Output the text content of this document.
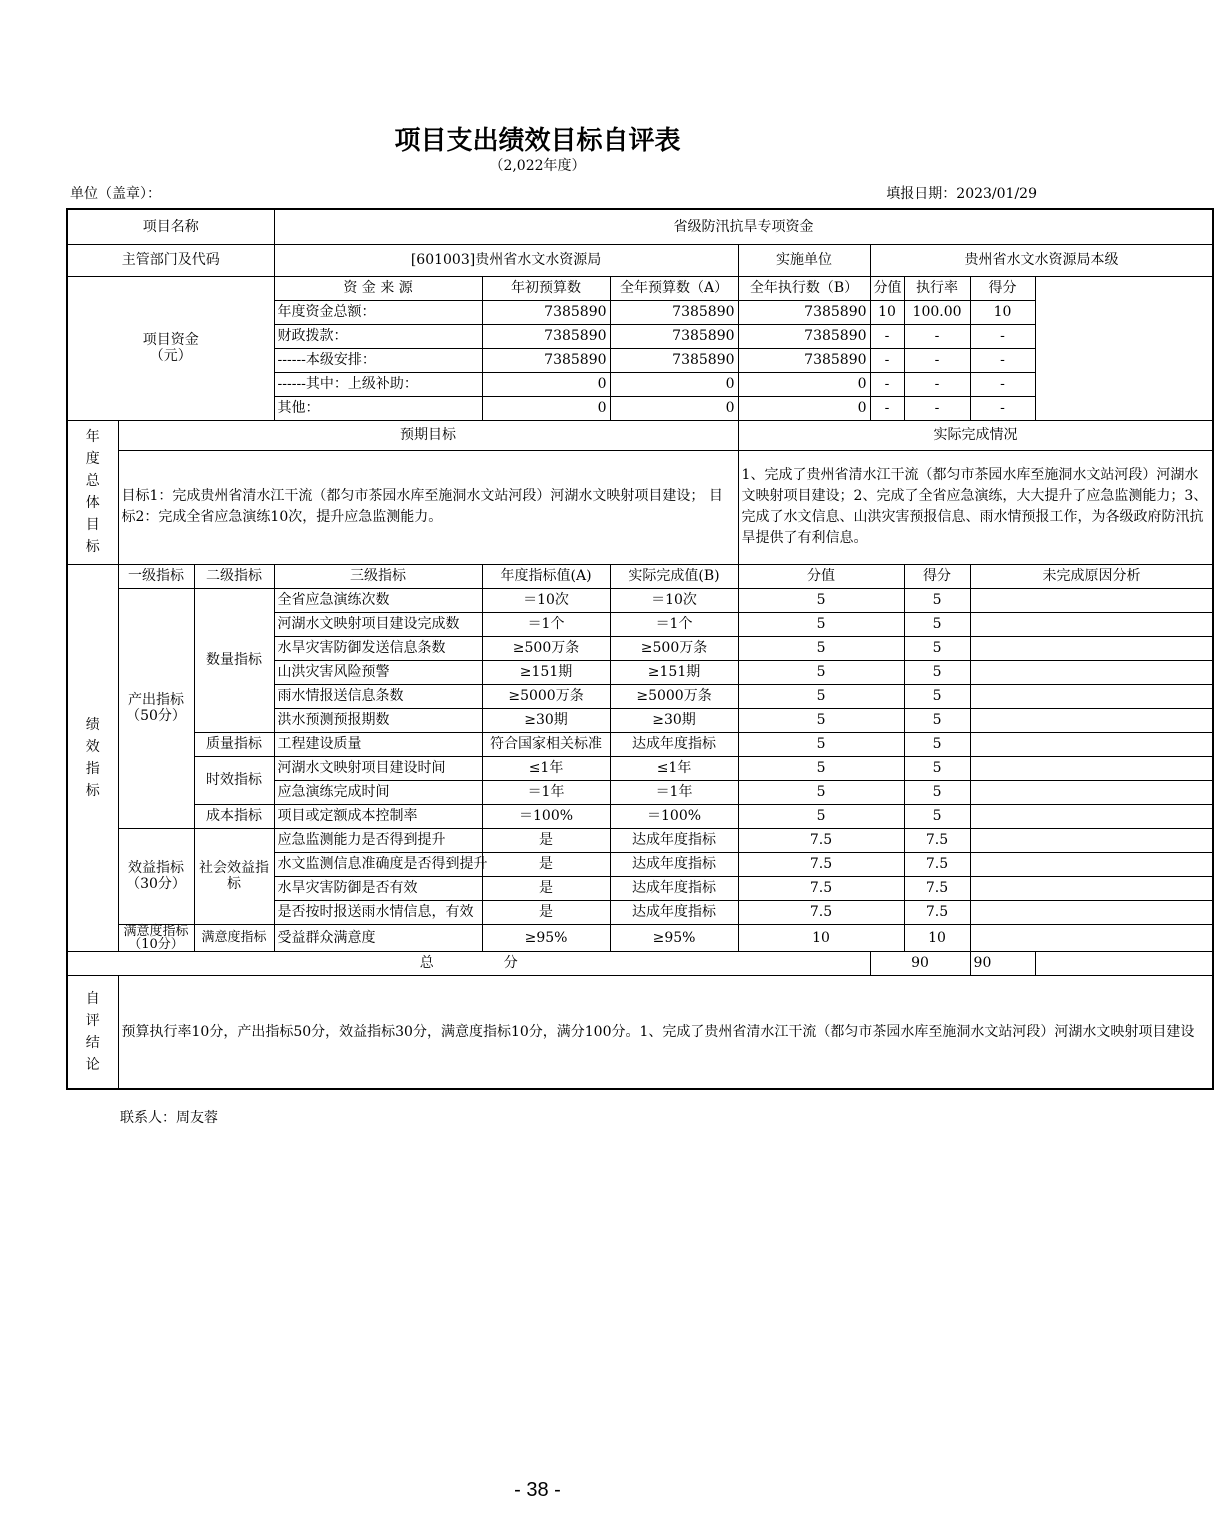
项目支出绩效目标自评表
（2,022年度）
单位（盖章）：	填报日期：2023/01/29
项目名称			省级防汛抗旱专项资金							
主管部门及代码			[601003]贵州省水文水资源局			实施单位	贵州省水文水资源局本级			

项目资金
（元）			资 金 来 源	年初预算数	全年预算数（A）	全年执行数（B）	分值	执行率	得分	
			年度资金总额：	7385890	7385890	7385890	10	100.00	10	
			财政拨款：	7385890	7385890	7385890	-	-	-	
			------本级安排：	7385890	7385890	7385890	-	-	-	
			------其中：上级补助：	0	0	0	-	-	-	
			其他：	0	0	0	-	-	-	

年度总体目标	预期目标					实际完成情况				
	目标1：完成贵州省清水江干流（都匀市茶园水库至施洞水文站河段）河湖水文映射项目建设； 目标2：完成全省应急演练10次，提升应急监测能力。					1、完成了贵州省清水江干流（都匀市茶园水库至施洞水文站河段）河湖水文映射项目建设；2、完成了全省应急演练，大大提升了应急监测能力；3、完成了水文信息、山洪灾害预报信息、雨水情预报工作，为各级政府防汛抗旱提供了有利信息。				

绩效指标	一级指标	二级指标	三级指标	年度指标值(A)	实际完成值(B)	分值		得分	未完成原因分析	
	产出指标（50分）	数量指标	全省应急演练次数	＝10次	＝10次	5		5		
			河湖水文映射项目建设完成数	＝1个	＝1个	5		5		
			水旱灾害防御发送信息条数	≥500万条	≥500万条	5		5		
			山洪灾害风险预警	≥151期	≥151期	5		5		
			雨水情报送信息条数	≥5000万条	≥5000万条	5		5		
			洪水预测预报期数	≥30期	≥30期	5		5		
		质量指标	工程建设质量	符合国家相关标准	达成年度指标	5		5		
		时效指标	河湖水文映射项目建设时间	≤1年	≤1年	5		5		
			应急演练完成时间	＝1年	＝1年	5		5		
		成本指标	项目或定额成本控制率	＝100%	＝100%	5		5		
	效益指标（30分）	社会效益指标	应急监测能力是否得到提升	是	达成年度指标	7.5		7.5		
			水文监测信息准确度是否得到提升	是	达成年度指标	7.5		7.5		
			水旱灾害防御是否有效	是	达成年度指标	7.5		7.5		
			是否按时报送雨水情信息，有效	是	达成年度指标	7.5		7.5		
	满意度指标（10分）	满意度指标	受益群众满意度	≥95%	≥95%	10		10		
总　　　　　分							90		90	

自评结论	预算执行率10分，产出指标50分，效益指标30分，满意度指标10分，满分100分。1、完成了贵州省清水江干流（都匀市茶园水库至施洞水文站河段）河湖水文映射项目建设									
联系人：周友蓉
- 38 -
